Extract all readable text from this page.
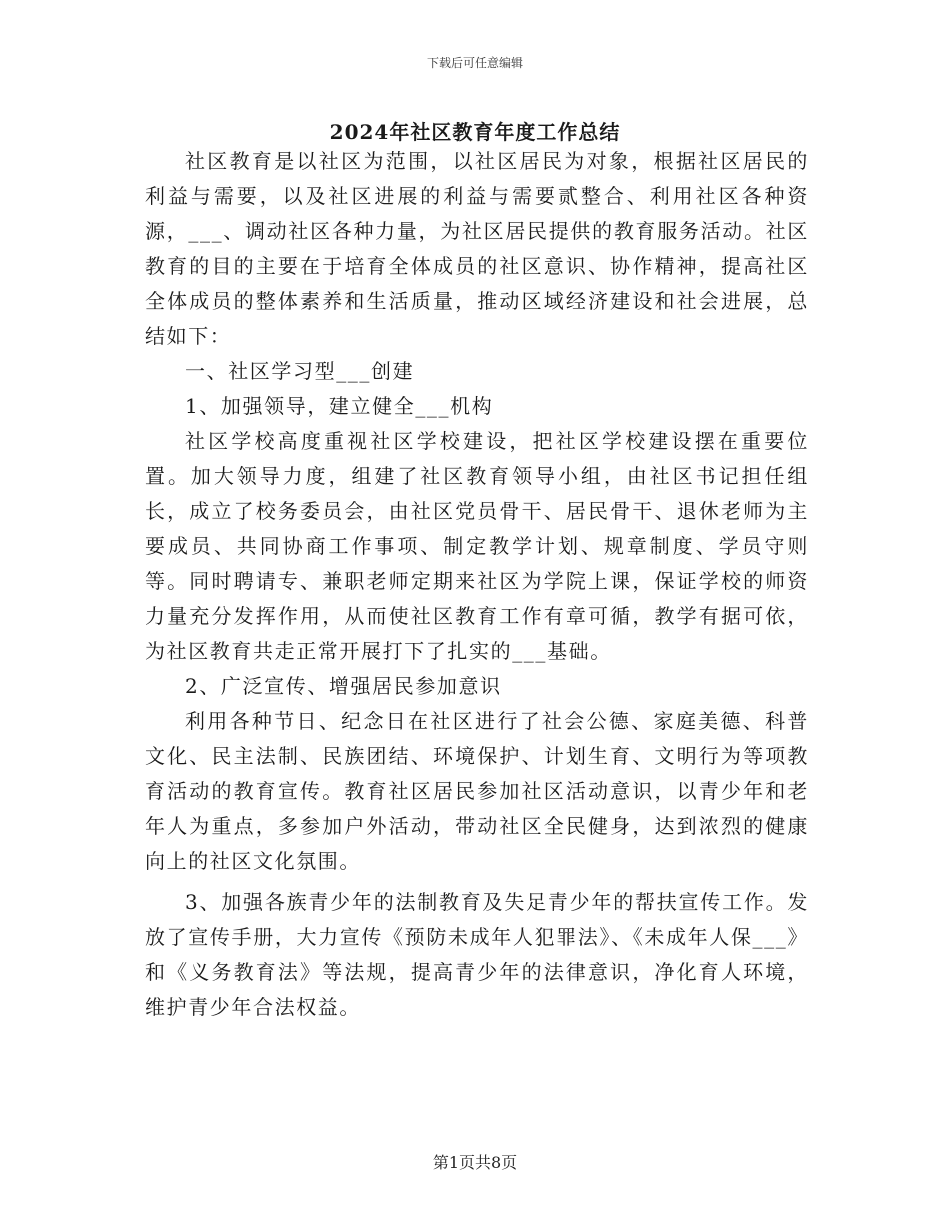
下载后可任意编辑
2024年社区教育年度工作总结

社区教育是以社区为范围，以社区居民为对象，根据社区居民的利益与需要，以及社区进展的利益与需要贰整合、利用社区各种资源，___、调动社区各种力量，为社区居民提供的教育服务活动。社区教育的目的主要在于培育全体成员的社区意识、协作精神，提高社区全体成员的整体素养和生活质量，推动区域经济建设和社会进展，总结如下：

一、社区学习型___创建

1、加强领导，建立健全___机构

社区学校高度重视社区学校建设，把社区学校建设摆在重要位置。加大领导力度，组建了社区教育领导小组，由社区书记担任组长，成立了校务委员会，由社区党员骨干、居民骨干、退休老师为主要成员、共同协商工作事项、制定教学计划、规章制度、学员守则等。同时聘请专、兼职老师定期来社区为学院上课，保证学校的师资力量充分发挥作用，从而使社区教育工作有章可循，教学有据可依，为社区教育共走正常开展打下了扎实的___基础。

2、广泛宣传、增强居民参加意识

利用各种节日、纪念日在社区进行了社会公德、家庭美德、科普文化、民主法制、民族团结、环境保护、计划生育、文明行为等项教育活动的教育宣传。教育社区居民参加社区活动意识，以青少年和老年人为重点，多参加户外活动，带动社区全民健身，达到浓烈的健康向上的社区文化氛围。

3、加强各族青少年的法制教育及失足青少年的帮扶宣传工作。发放了宣传手册，大力宣传《预防未成年人犯罪法》、《未成年人保___》和《义务教育法》等法规，提高青少年的法律意识，净化育人环境，维护青少年合法权益。

第1页共8页
